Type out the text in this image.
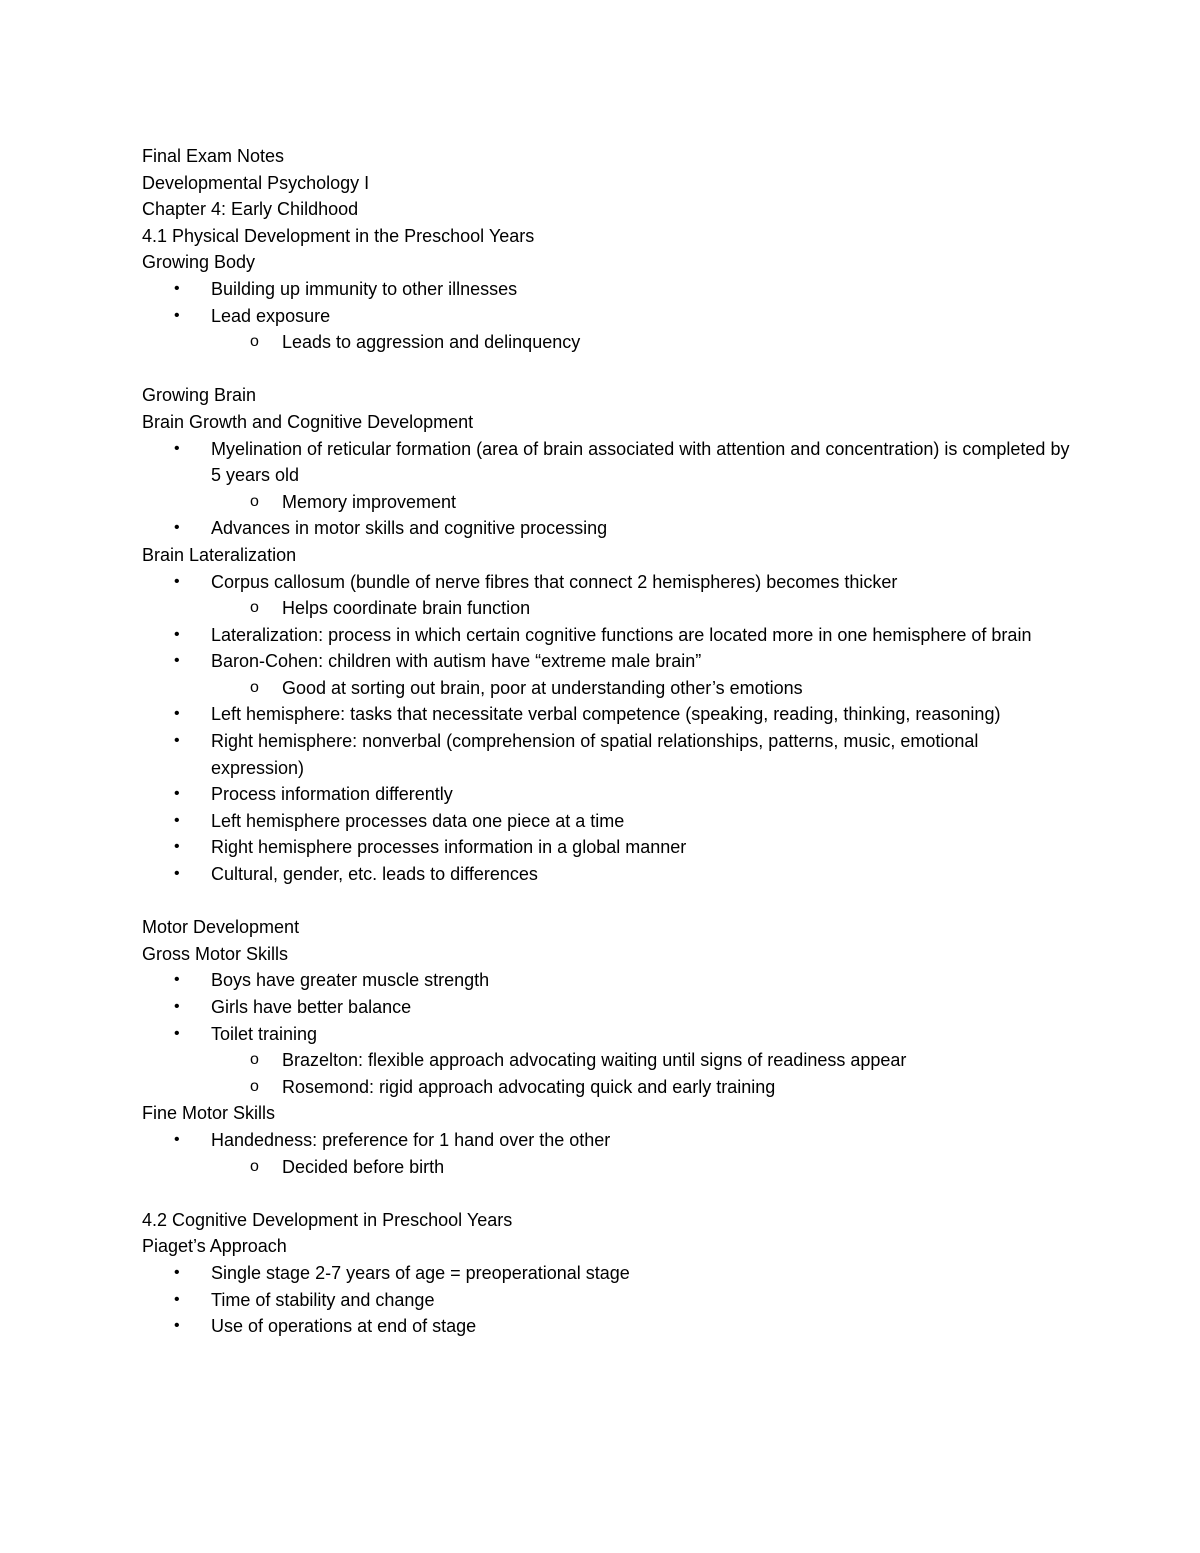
Final Exam Notes
Developmental Psychology I
Chapter 4: Early Childhood
4.1 Physical Development in the Preschool Years
Growing Body
• Building up immunity to other illnesses
• Lead exposure
o Leads to aggression and delinquency
Growing Brain
Brain Growth and Cognitive Development
• Myelination of reticular formation (area of brain associated with attention and concentration) is completed by 5 years old
o Memory improvement
• Advances in motor skills and cognitive processing
Brain Lateralization
• Corpus callosum (bundle of nerve fibres that connect 2 hemispheres) becomes thicker
o Helps coordinate brain function
• Lateralization: process in which certain cognitive functions are located more in one hemisphere of brain
• Baron-Cohen: children with autism have “extreme male brain”
o Good at sorting out brain, poor at understanding other’s emotions
• Left hemisphere: tasks that necessitate verbal competence (speaking, reading, thinking, reasoning)
• Right hemisphere: nonverbal (comprehension of spatial relationships, patterns, music, emotional expression)
• Process information differently
• Left hemisphere processes data one piece at a time
• Right hemisphere processes information in a global manner
• Cultural, gender, etc. leads to differences
Motor Development
Gross Motor Skills
• Boys have greater muscle strength
• Girls have better balance
• Toilet training
o Brazelton: flexible approach advocating waiting until signs of readiness appear
o Rosemond: rigid approach advocating quick and early training
Fine Motor Skills
• Handedness: preference for 1 hand over the other
o Decided before birth
4.2 Cognitive Development in Preschool Years
Piaget’s Approach
• Single stage 2-7 years of age = preoperational stage
• Time of stability and change
• Use of operations at end of stage
